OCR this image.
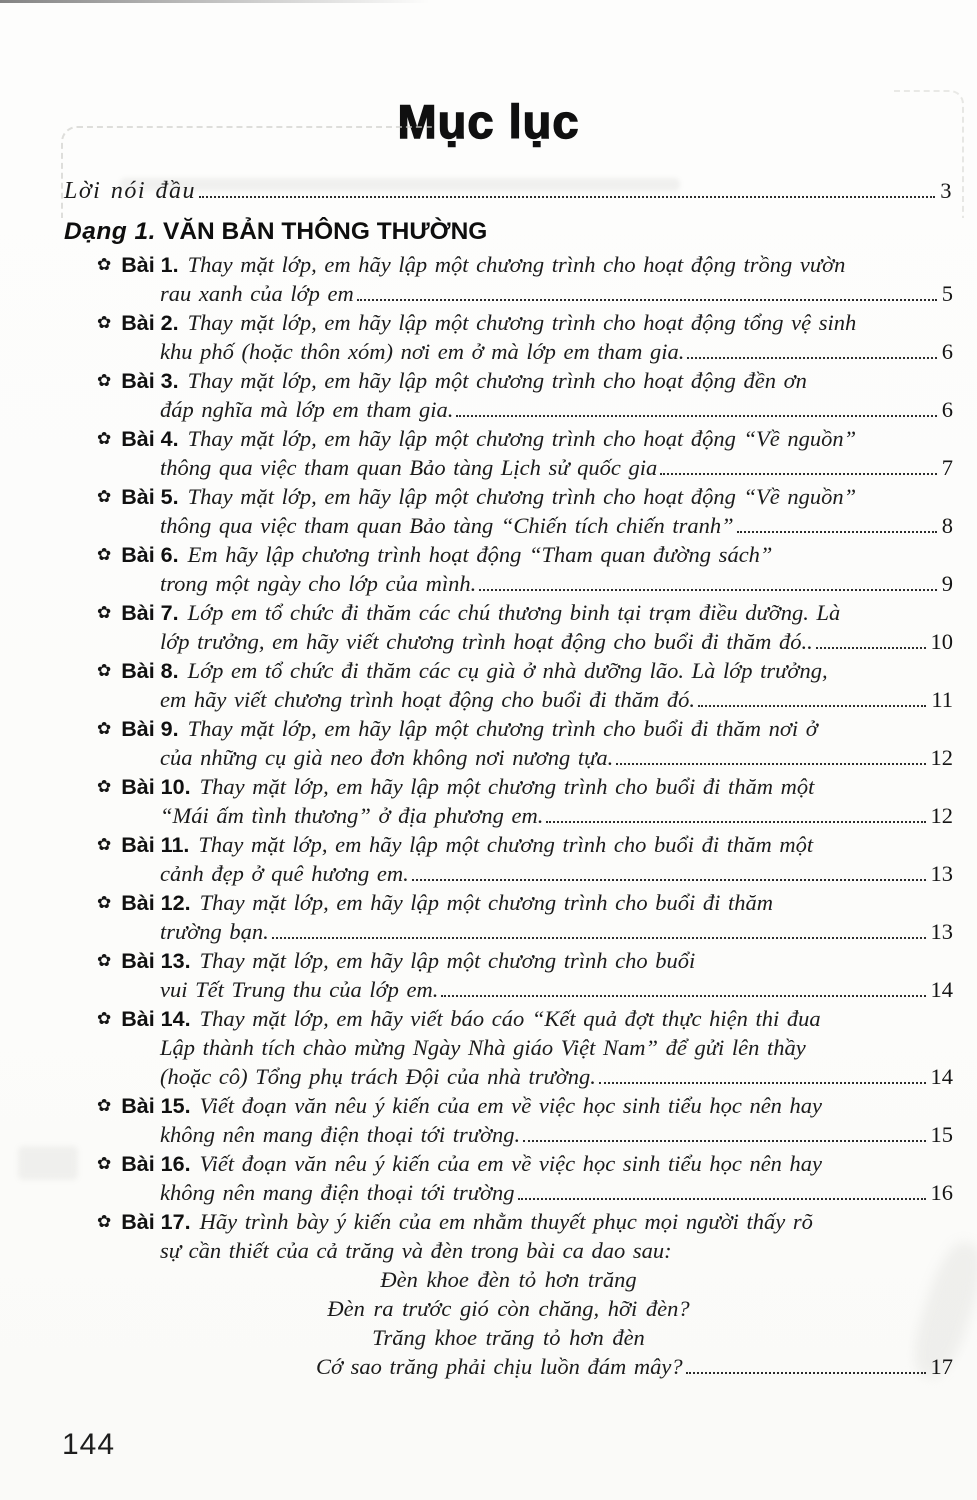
Mục lục
Lời nói đầu	3
Dạng 1. VĂN BẢN THÔNG THƯỜNG
✿ Bài 1. Thay mặt lớp, em hãy lập một chương trình cho hoạt động trồng vườn
rau xanh của lớp em	5
✿ Bài 2. Thay mặt lớp, em hãy lập một chương trình cho hoạt động tổng vệ sinh
khu phố (hoặc thôn xóm) nơi em ở mà lớp em tham gia.	6
✿ Bài 3. Thay mặt lớp, em hãy lập một chương trình cho hoạt động đền ơn
đáp nghĩa mà lớp em tham gia.	6
✿ Bài 4. Thay mặt lớp, em hãy lập một chương trình cho hoạt động “Về nguồn”
thông qua việc tham quan Bảo tàng Lịch sử quốc gia	7
✿ Bài 5. Thay mặt lớp, em hãy lập một chương trình cho hoạt động “Về nguồn”
thông qua việc tham quan Bảo tàng “Chiến tích chiến tranh”	8
✿ Bài 6. Em hãy lập chương trình hoạt động “Tham quan đường sách”
trong một ngày cho lớp của mình.	9
✿ Bài 7. Lớp em tổ chức đi thăm các chú thương binh tại trạm điều dưỡng. Là
lớp trưởng, em hãy viết chương trình hoạt động cho buổi đi thăm đó..	10
✿ Bài 8. Lớp em tổ chức đi thăm các cụ già ở nhà dưỡng lão. Là lớp trưởng,
em hãy viết chương trình hoạt động cho buổi đi thăm đó.	11
✿ Bài 9. Thay mặt lớp, em hãy lập một chương trình cho buổi đi thăm nơi ở
của những cụ già neo đơn không nơi nương tựa.	12
✿ Bài 10. Thay mặt lớp, em hãy lập một chương trình cho buổi đi thăm một
“Mái ấm tình thương” ở địa phương em.	12
✿ Bài 11. Thay mặt lớp, em hãy lập một chương trình cho buổi đi thăm một
cảnh đẹp ở quê hương em.	13
✿ Bài 12. Thay mặt lớp, em hãy lập một chương trình cho buổi đi thăm
trường bạn.	13
✿ Bài 13. Thay mặt lớp, em hãy lập một chương trình cho buổi
vui Tết Trung thu của lớp em.	14
✿ Bài 14. Thay mặt lớp, em hãy viết báo cáo “Kết quả đợt thực hiện thi đua
Lập thành tích chào mừng Ngày Nhà giáo Việt Nam” để gửi lên thầy
(hoặc cô) Tổng phụ trách Đội của nhà trường.	14
✿ Bài 15. Viết đoạn văn nêu ý kiến của em về việc học sinh tiểu học nên hay
không nên mang điện thoại tới trường.	15
✿ Bài 16. Viết đoạn văn nêu ý kiến của em về việc học sinh tiểu học nên hay
không nên mang điện thoại tới trường	16
✿ Bài 17. Hãy trình bày ý kiến của em nhằm thuyết phục mọi người thấy rõ
sự cần thiết của cả trăng và đèn trong bài ca dao sau:
Đèn khoe đèn tỏ hơn trăng
Đèn ra trước gió còn chăng, hỡi đèn?
Trăng khoe trăng tỏ hơn đèn
Cớ sao trăng phải chịu luồn đám mây?	17
144
